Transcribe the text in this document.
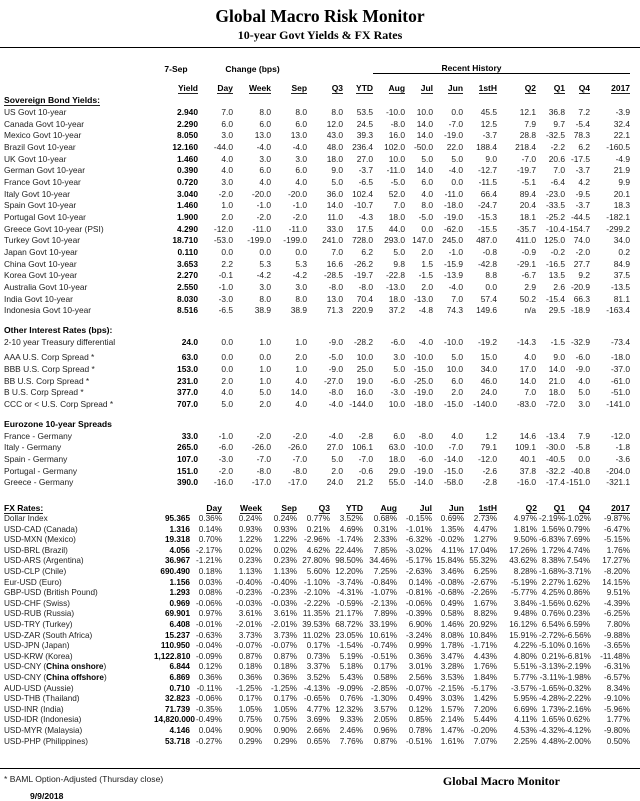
Global Macro Risk Monitor
10-year Govt Yields & FX Rates
	7-Sep	Change (bps)					Recent History							
	Yield	Day	Week	Sep	Q3	YTD	Aug	Jul	Jun	1stH	Q2	Q1	Q4	2017
Sovereign Bond Yields:														
US Govt 10-year	2.940	7.0	8.0	8.0	8.0	53.5	-10.0	10.0	0.0	45.5	12.1	36.8	7.2	-3.9
Canada Govt 10-year	2.290	6.0	6.0	6.0	12.0	24.5	-8.0	14.0	-7.0	12.5	7.9	9.7	-5.4	32.4
Mexico Govt 10-year	8.050	3.0	13.0	13.0	43.0	39.3	16.0	14.0	-19.0	-3.7	28.8	-32.5	78.3	22.1
Brazil Govt 10-year	12.160	-44.0	-4.0	-4.0	48.0	236.4	102.0	-50.0	22.0	188.4	218.4	-2.2	6.2	-160.5
UK Govt 10-year	1.460	4.0	3.0	3.0	18.0	27.0	10.0	5.0	5.0	9.0	-7.0	20.6	-17.5	-4.9
German Govt 10-year	0.390	4.0	6.0	6.0	9.0	-3.7	-11.0	14.0	-4.0	-12.7	-19.7	7.0	-3.7	21.9
France Govt 10-year	0.720	3.0	4.0	4.0	5.0	-6.5	-5.0	6.0	0.0	-11.5	-5.1	-6.4	4.2	9.9
Italy Govt 10-year	3.040	-2.0	-20.0	-20.0	36.0	102.4	52.0	4.0	-11.0	66.4	89.4	-23.0	-9.5	20.1
Spain Govt 10-year	1.460	1.0	-1.0	-1.0	14.0	-10.7	7.0	8.0	-18.0	-24.7	20.4	-33.5	-3.7	18.3
Portugal Govt 10-year	1.900	2.0	-2.0	-2.0	11.0	-4.3	18.0	-5.0	-19.0	-15.3	18.1	-25.2	-44.5	-182.1
Greece Govt 10-year (PSI)	4.290	-12.0	-11.0	-11.0	33.0	17.5	44.0	0.0	-62.0	-15.5	-35.7	-10.4	-154.7	-299.2
Turkey Govt 10-year	18.710	-53.0	-199.0	-199.0	241.0	728.0	293.0	147.0	245.0	487.0	411.0	125.0	74.0	34.0
Japan Govt 10-year	0.110	0.0	0.0	0.0	7.0	6.2	5.0	2.0	-1.0	-0.8	-0.9	-0.2	-2.0	0.2
China Govt 10-year	3.653	2.2	5.3	5.3	16.6	-26.2	9.8	1.5	-15.9	-42.8	-29.1	-16.5	27.7	84.9
Korea Govt 10-year	2.270	-0.1	-4.2	-4.2	-28.5	-19.7	-22.8	-1.5	-13.9	8.8	-6.7	13.5	9.2	37.5
Australia Govt 10-year	2.550	-1.0	3.0	3.0	-8.0	-8.0	-13.0	2.0	-4.0	0.0	2.9	2.6	-20.9	-13.5
India Govt 10-year	8.030	-3.0	8.0	8.0	13.0	70.4	18.0	-13.0	7.0	57.4	50.2	-15.4	66.3	81.1
Indonesia Govt 10-year	8.516	-6.5	38.9	38.9	71.3	220.9	37.2	-4.8	74.3	149.6	n/a	29.5	-18.9	-163.4

Other Interest Rates (bps):														
2-10 year Treasury differential	24.0	0.0	1.0	1.0	-9.0	-28.2	-6.0	-4.0	-10.0	-19.2	-14.3	-1.5	-32.9	-73.4

AAA U.S. Corp Spread *	63.0	0.0	0.0	2.0	-5.0	10.0	3.0	-10.0	5.0	15.0	4.0	9.0	-6.0	-18.0
BBB U.S. Corp Spread *	153.0	0.0	1.0	1.0	-9.0	25.0	5.0	-15.0	10.0	34.0	17.0	14.0	-9.0	-37.0
BB U.S. Corp Spread *	231.0	2.0	1.0	4.0	-27.0	19.0	-6.0	-25.0	6.0	46.0	14.0	21.0	4.0	-61.0
B U.S. Corp Spread *	377.0	4.0	5.0	14.0	-8.0	16.0	-3.0	-19.0	2.0	24.0	7.0	18.0	5.0	-51.0
CCC or < U.S. Corp Spread *	707.0	5.0	2.0	4.0	-4.0	-144.0	10.0	-18.0	-15.0	-140.0	-83.0	-72.0	3.0	-141.0

Eurozone 10-year Spreads														
France - Germany	33.0	-1.0	-2.0	-2.0	-4.0	-2.8	6.0	-8.0	4.0	1.2	14.6	-13.4	7.9	-12.0
Italy - Germany	265.0	-6.0	-26.0	-26.0	27.0	106.1	63.0	-10.0	-7.0	79.1	109.1	-30.0	-5.8	-1.8
Spain - Germany	107.0	-3.0	-7.0	-7.0	5.0	-7.0	18.0	-6.0	-14.0	-12.0	40.1	-40.5	0.0	-3.6
Portugal - Germany	151.0	-2.0	-8.0	-8.0	2.0	-0.6	29.0	-19.0	-15.0	-2.6	37.8	-32.2	-40.8	-204.0
Greece - Germany	390.0	-16.0	-17.0	-17.0	24.0	21.2	55.0	-14.0	-58.0	-2.8	-16.0	-17.4	-151.0	-321.1
FX Rates:		Day	Week	Sep	Q3	YTD	Aug	Jul	Jun	1stH	Q2	Q1	Q4	2017
Dollar Index	95.365	0.36%	0.24%	0.24%	0.77%	3.52%	0.68%	-0.15%	0.69%	2.73%	4.97%	-2.19%	-1.02%	-9.87%
USD-CAD (Canada)	1.316	0.14%	0.93%	0.93%	0.21%	4.69%	0.31%	-1.01%	1.35%	4.47%	1.81%	1.56%	0.79%	-6.47%
USD-MXN (Mexico)	19.318	0.70%	1.22%	1.22%	-2.96%	-1.74%	2.33%	-6.32%	-0.02%	1.27%	9.50%	-6.83%	7.69%	-5.15%
USD-BRL (Brazil)	4.056	-2.17%	0.02%	0.02%	4.62%	22.44%	7.85%	-3.02%	4.11%	17.04%	17.26%	1.72%	4.74%	1.76%
USD-ARS (Argentina)	36.967	-1.21%	0.23%	0.23%	27.80%	98.50%	34.46%	-5.17%	15.84%	55.32%	43.62%	8.38%	7.54%	17.27%
USD-CLP (Chile)	690.490	0.18%	1.13%	1.13%	5.60%	12.20%	7.25%	-2.63%	3.46%	6.25%	8.28%	-1.68%	-3.71%	-8.20%
Eur-USD (Euro)	1.156	0.03%	-0.40%	-0.40%	-1.10%	-3.74%	-0.84%	0.14%	-0.08%	-2.67%	-5.19%	2.27%	1.62%	14.15%
GBP-USD (British Pound)	1.293	0.08%	-0.23%	-0.23%	-2.10%	-4.31%	-1.07%	-0.81%	-0.68%	-2.26%	-5.77%	4.25%	0.86%	9.51%
USD-CHF (Swiss)	0.969	-0.06%	-0.03%	-0.03%	-2.22%	-0.59%	-2.13%	-0.06%	0.49%	1.67%	3.84%	-1.56%	0.62%	-4.39%
USD-RUB (Russia)	69.901	0.97%	3.61%	3.61%	11.35%	21.17%	7.89%	-0.39%	0.58%	8.82%	9.48%	0.76%	0.23%	-6.25%
USD-TRY (Turkey)	6.408	-0.01%	-2.01%	-2.01%	39.53%	68.72%	33.19%	6.90%	1.46%	20.92%	16.12%	6.54%	6.59%	7.80%
USD-ZAR (South Africa)	15.237	-0.63%	3.73%	3.73%	11.02%	23.05%	10.61%	-3.24%	8.08%	10.84%	15.91%	-2.72%	-6.56%	-9.88%
USD-JPN (Japan)	110.950	-0.04%	-0.07%	-0.07%	0.17%	-1.54%	-0.74%	0.99%	1.78%	-1.71%	4.22%	-5.10%	0.16%	-3.65%
USD-KRW (Korea)	1,122.810	-0.09%	0.87%	0.87%	0.73%	5.19%	-0.51%	0.36%	3.47%	4.43%	4.80%	0.21%	-6.81%	-11.48%
USD-CNY (China onshore)	6.844	0.12%	0.18%	0.18%	3.37%	5.18%	0.17%	3.01%	3.28%	1.76%	5.51%	-3.13%	-2.19%	-6.31%
USD-CNY (China offshore)	6.869	0.36%	0.36%	0.36%	3.52%	5.43%	0.58%	2.56%	3.53%	1.84%	5.77%	-3.11%	-1.98%	-6.57%
AUD-USD (Aussie)	0.710	-0.11%	-1.25%	-1.25%	-4.13%	-9.09%	-2.85%	-0.07%	-2.15%	-5.17%	-3.57%	-1.65%	-0.32%	8.34%
USD-THB (Thailand)	32.823	-0.06%	0.17%	0.17%	-0.65%	0.76%	-1.30%	0.49%	3.03%	1.42%	5.95%	-4.28%	-2.22%	-9.10%
USD-INR (India)	71.739	-0.35%	1.05%	1.05%	4.77%	12.32%	3.57%	0.12%	1.57%	7.20%	6.69%	1.73%	-2.16%	-5.96%
USD-IDR (Indonesia)	14,820.000	-0.49%	0.75%	0.75%	3.69%	9.33%	2.05%	0.85%	2.14%	5.44%	4.11%	1.65%	0.62%	1.77%
USD-MYR (Malaysia)	4.146	0.04%	0.90%	0.90%	2.66%	2.46%	0.96%	0.78%	1.47%	-0.20%	4.53%	-4.32%	-4.12%	-9.80%
USD-PHP (Philippines)	53.718	-0.27%	0.29%	0.29%	0.65%	7.76%	0.87%	-0.51%	1.61%	7.07%	2.25%	4.48%	-2.00%	0.50%
* BAML Option-Adjusted (Thursday close)	Global Macro Monitor
9/9/2018
